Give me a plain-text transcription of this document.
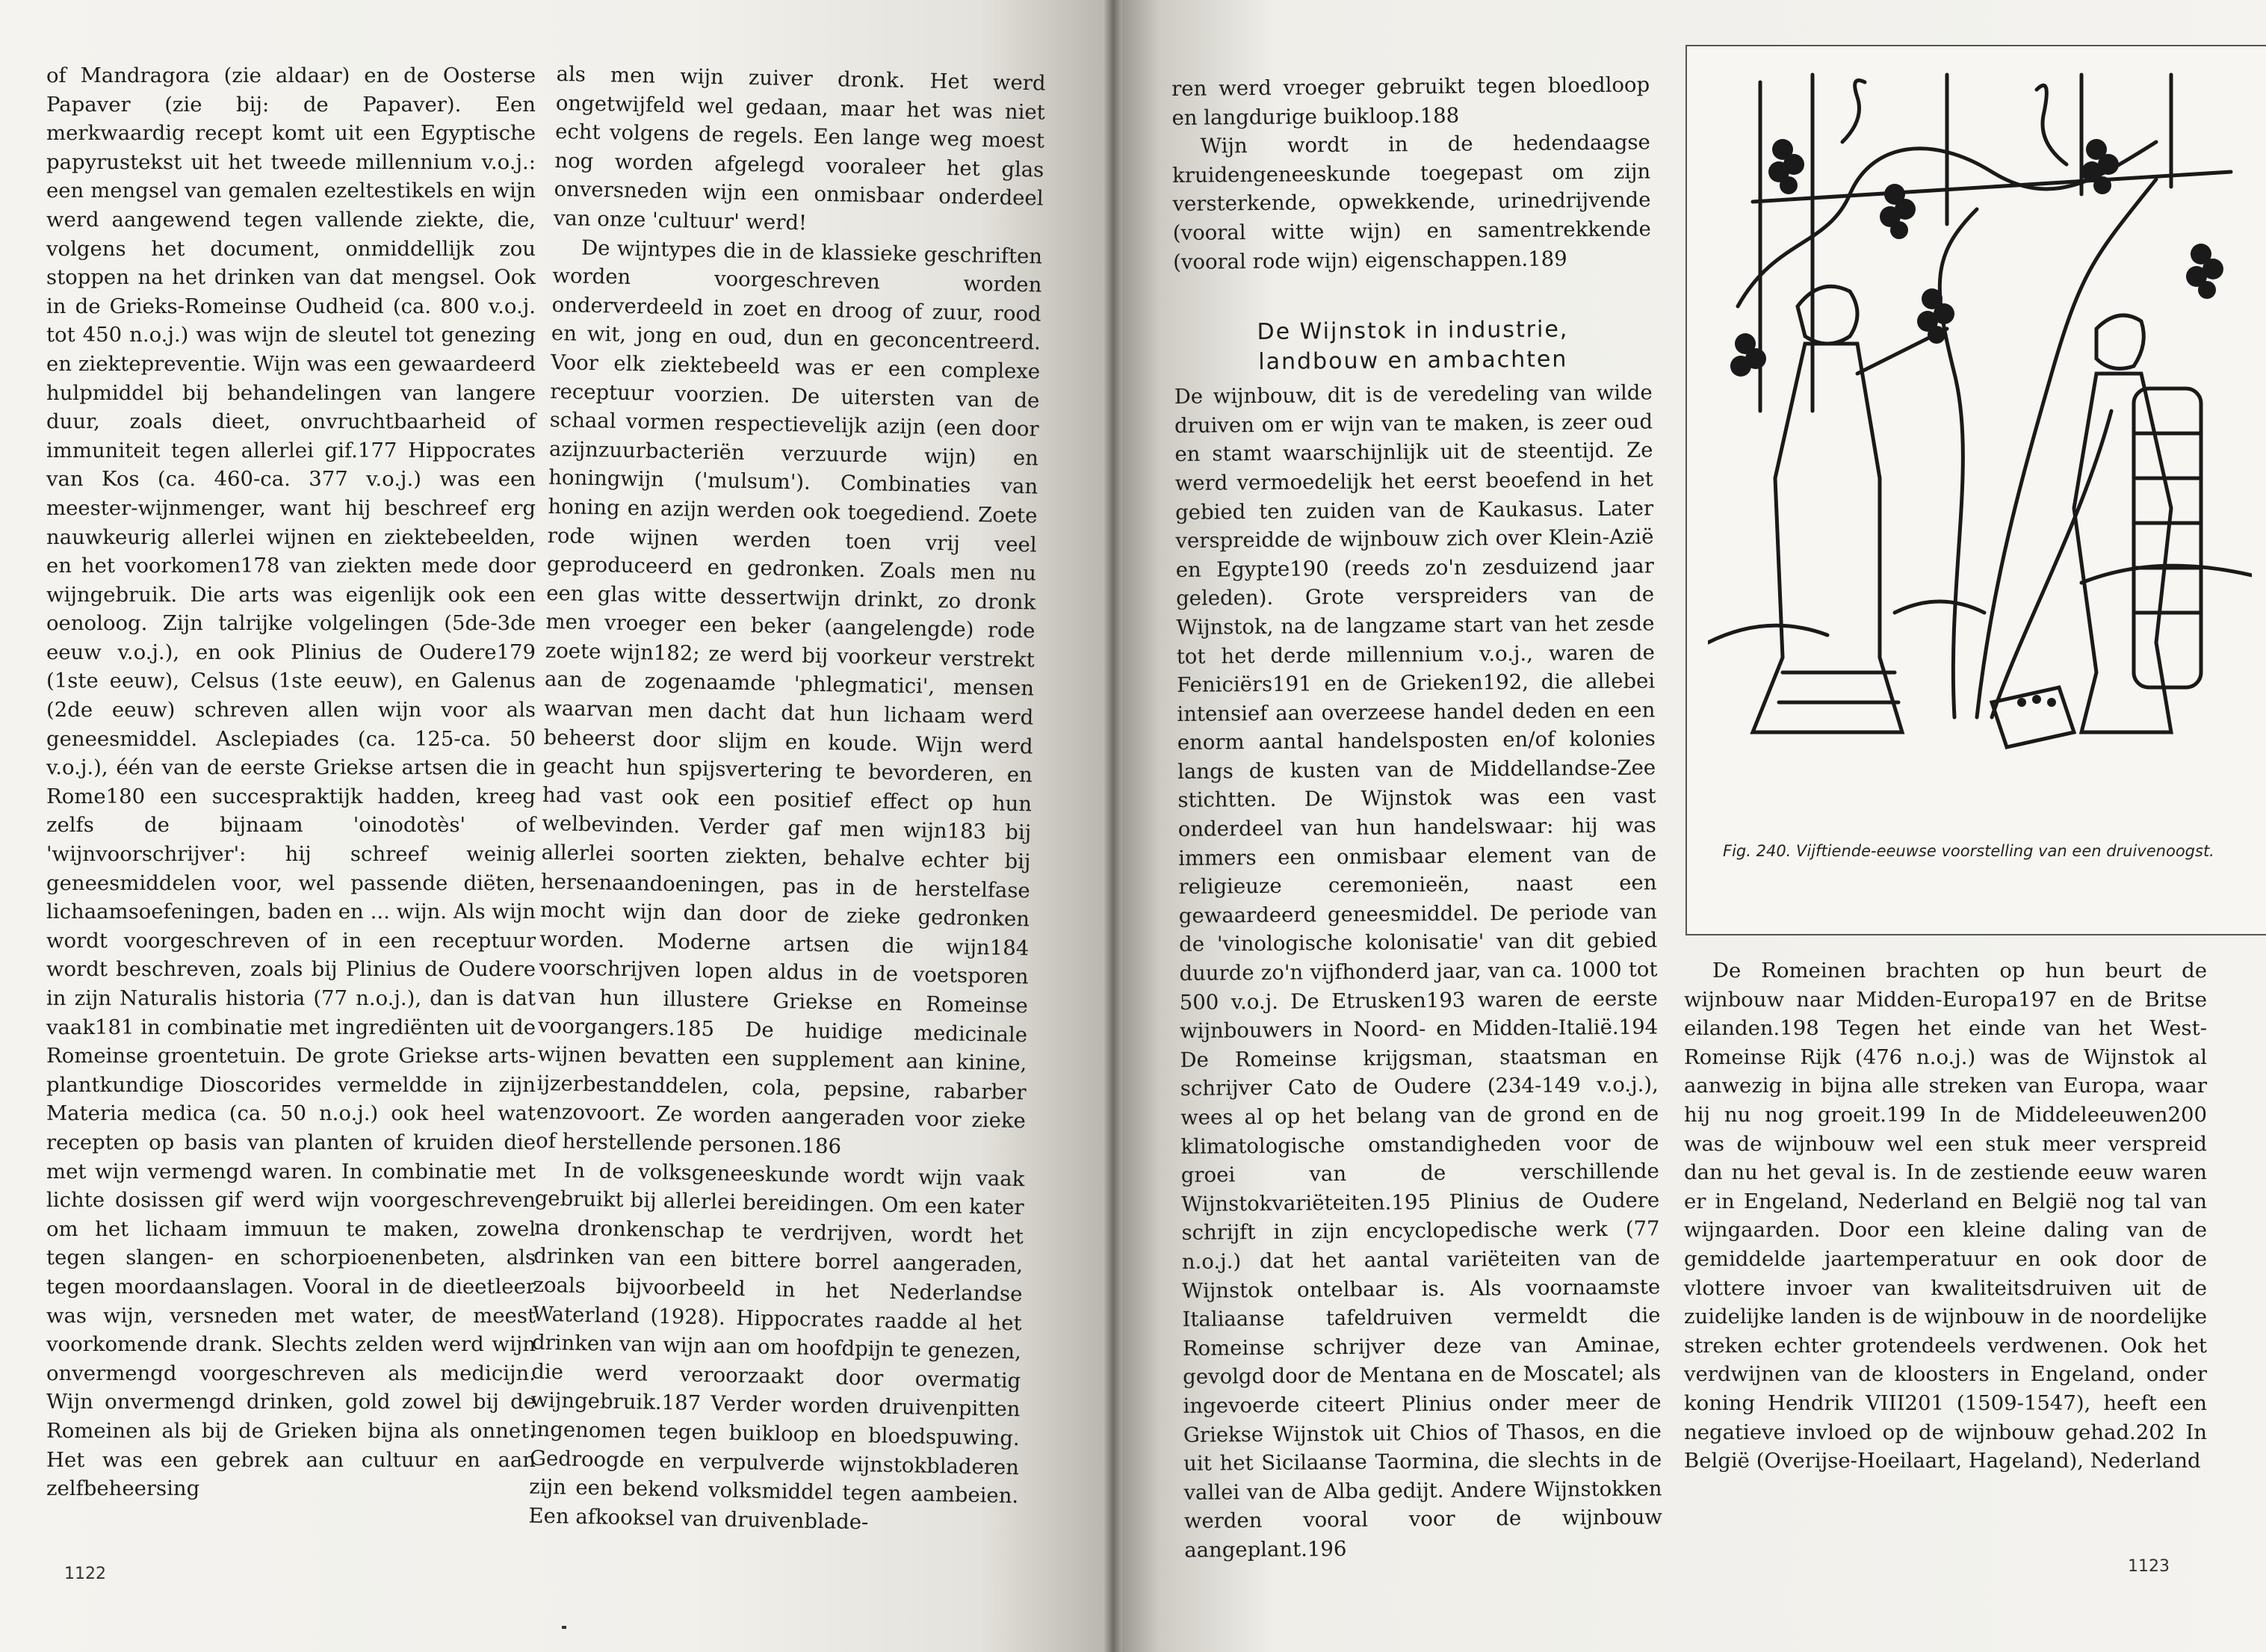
of Mandragora (zie aldaar) en de Oosterse Papaver (zie bij: de Papaver). Een merkwaardig recept komt uit een Egyptische papyrustekst uit het tweede millennium v.o.j.: een mengsel van gemalen ezeltestikels en wijn werd aangewend tegen vallende ziekte, die, volgens het document, onmiddellijk zou stoppen na het drinken van dat mengsel. Ook in de Grieks-Romeinse Oudheid (ca. 800 v.o.j. tot 450 n.o.j.) was wijn de sleutel tot genezing en ziektepreventie. Wijn was een gewaardeerd hulpmiddel bij behandelingen van langere duur, zoals dieet, onvruchtbaarheid of immuniteit tegen allerlei gif.177 Hippocrates van Kos (ca. 460-ca. 377 v.o.j.) was een meester-wijnmenger, want hij beschreef erg nauwkeurig allerlei wijnen en ziektebeelden, en het voorkomen178 van ziekten mede door wijngebruik. Die arts was eigenlijk ook een oenoloog. Zijn talrijke volgelingen (5de-3de eeuw v.o.j.), en ook Plinius de Oudere179 (1ste eeuw), Celsus (1ste eeuw), en Galenus (2de eeuw) schreven allen wijn voor als geneesmiddel. Asclepiades (ca. 125-ca. 50 v.o.j.), één van de eerste Griekse artsen die in Rome180 een succespraktijk hadden, kreeg zelfs de bijnaam 'oinodotès' of 'wijnvoorschrijver': hij schreef weinig geneesmiddelen voor, wel passende diëten, lichaamsoefeningen, baden en ... wijn. Als wijn wordt voorgeschreven of in een receptuur wordt beschreven, zoals bij Plinius de Oudere in zijn Naturalis historia (77 n.o.j.), dan is dat vaak181 in combinatie met ingrediënten uit de Romeinse groentetuin. De grote Griekse arts-plantkundige Dioscorides vermeldde in zijn Materia medica (ca. 50 n.o.j.) ook heel wat recepten op basis van planten of kruiden die met wijn vermengd waren. In combinatie met lichte dosissen gif werd wijn voorgeschreven om het lichaam immuun te maken, zowel tegen slangen- en schorpioenenbeten, als tegen moordaanslagen. Vooral in de dieetleer was wijn, versneden met water, de meest voorkomende drank. Slechts zelden werd wijn onvermengd voorgeschreven als medicijn. Wijn onvermengd drinken, gold zowel bij de Romeinen als bij de Grieken bijna als onnet. Het was een gebrek aan cultuur en aan zelfbeheersing

als men wijn zuiver dronk. Het werd ongetwijfeld wel gedaan, maar het was niet echt volgens de regels. Een lange weg moest nog worden afgelegd vooraleer het glas onversneden wijn een onmisbaar onderdeel van onze 'cultuur' werd!

De wijntypes die in de klassieke geschriften worden voorgeschreven worden onderverdeeld in zoet en droog of zuur, rood en wit, jong en oud, dun en geconcentreerd. Voor elk ziektebeeld was er een complexe receptuur voorzien. De uitersten van de schaal vormen respectievelijk azijn (een door azijnzuurbacteriën verzuurde wijn) en honingwijn ('mulsum'). Combinaties van honing en azijn werden ook toegediend. Zoete rode wijnen werden toen vrij veel geproduceerd en gedronken. Zoals men nu een glas witte dessertwijn drinkt, zo dronk men vroeger een beker (aangelengde) rode zoete wijn182; ze werd bij voorkeur verstrekt aan de zogenaamde 'phlegmatici', mensen waarvan men dacht dat hun lichaam werd beheerst door slijm en koude. Wijn werd geacht hun spijsvertering te bevorderen, en had vast ook een positief effect op hun welbevinden. Verder gaf men wijn183 bij allerlei soorten ziekten, behalve echter bij hersenaandoeningen, pas in de herstelfase mocht wijn dan door de zieke gedronken worden. Moderne artsen die wijn184 voorschrijven lopen aldus in de voetsporen van hun illustere Griekse en Romeinse voorgangers.185 De huidige medicinale wijnen bevatten een supplement aan kinine, ijzerbestanddelen, cola, pepsine, rabarber enzovoort. Ze worden aangeraden voor zieke of herstellende personen.186

In de volksgeneeskunde wordt wijn vaak gebruikt bij allerlei bereidingen. Om een kater na dronkenschap te verdrijven, wordt het drinken van een bittere borrel aangeraden, zoals bijvoorbeeld in het Nederlandse Waterland (1928). Hippocrates raadde al het drinken van wijn aan om hoofdpijn te genezen, die werd veroorzaakt door overmatig wijngebruik.187 Verder worden druivenpitten ingenomen tegen buikloop en bloedspuwing. Gedroogde en verpulverde wijnstokbladeren zijn een bekend volksmiddel tegen aambeien. Een afkooksel van druivenblade-

1122

ren werd vroeger gebruikt tegen bloedloop en langdurige buikloop.188

Wijn wordt in de hedendaagse kruidengeneeskunde toegepast om zijn versterkende, opwekkende, urinedrijvende (vooral witte wijn) en samentrekkende (vooral rode wijn) eigenschappen.189

De Wijnstok in industrie,
landbouw en ambachten

De wijnbouw, dit is de veredeling van wilde druiven om er wijn van te maken, is zeer oud en stamt waarschijnlijk uit de steentijd. Ze werd vermoedelijk het eerst beoefend in het gebied ten zuiden van de Kaukasus. Later verspreidde de wijnbouw zich over Klein-Azië en Egypte190 (reeds zo'n zesduizend jaar geleden). Grote verspreiders van de Wijnstok, na de langzame start van het zesde tot het derde millennium v.o.j., waren de Feniciërs191 en de Grieken192, die allebei intensief aan overzeese handel deden en een enorm aantal handelsposten en/of kolonies langs de kusten van de Middellandse-Zee stichtten. De Wijnstok was een vast onderdeel van hun handelswaar: hij was immers een onmisbaar element van de religieuze ceremonieën, naast een gewaardeerd geneesmiddel. De periode van de 'vinologische kolonisatie' van dit gebied duurde zo'n vijfhonderd jaar, van ca. 1000 tot 500 v.o.j. De Etrusken193 waren de eerste wijnbouwers in Noord- en Midden-Italië.194 De Romeinse krijgsman, staatsman en schrijver Cato de Oudere (234-149 v.o.j.), wees al op het belang van de grond en de klimatologische omstandigheden voor de groei van de verschillende Wijnstokvariëteiten.195 Plinius de Oudere schrijft in zijn encyclopedische werk (77 n.o.j.) dat het aantal variëteiten van de Wijnstok ontelbaar is. Als voornaamste Italiaanse tafeldruiven vermeldt die Romeinse schrijver deze van Aminae, gevolgd door de Mentana en de Moscatel; als ingevoerde citeert Plinius onder meer de Griekse Wijnstok uit Chios of Thasos, en die uit het Sicilaanse Taormina, die slechts in de vallei van de Alba gedijt. Andere Wijnstokken werden vooral voor de wijnbouw aangeplant.196

Fig. 240. Vijftiende-eeuwse voorstelling van een druivenoogst.

De Romeinen brachten op hun beurt de wijnbouw naar Midden-Europa197 en de Britse eilanden.198 Tegen het einde van het West-Romeinse Rijk (476 n.o.j.) was de Wijnstok al aanwezig in bijna alle streken van Europa, waar hij nu nog groeit.199 In de Middeleeuwen200 was de wijnbouw wel een stuk meer verspreid dan nu het geval is. In de zestiende eeuw waren er in Engeland, Nederland en België nog tal van wijngaarden. Door een kleine daling van de gemiddelde jaartemperatuur en ook door de vlottere invoer van kwaliteitsdruiven uit de zuidelijke landen is de wijnbouw in de noordelijke streken echter grotendeels verdwenen. Ook het verdwijnen van de kloosters in Engeland, onder koning Hendrik VIII201 (1509-1547), heeft een negatieve invloed op de wijnbouw gehad.202 In België (Overijse-Hoeilaart, Hageland), Nederland

1123
